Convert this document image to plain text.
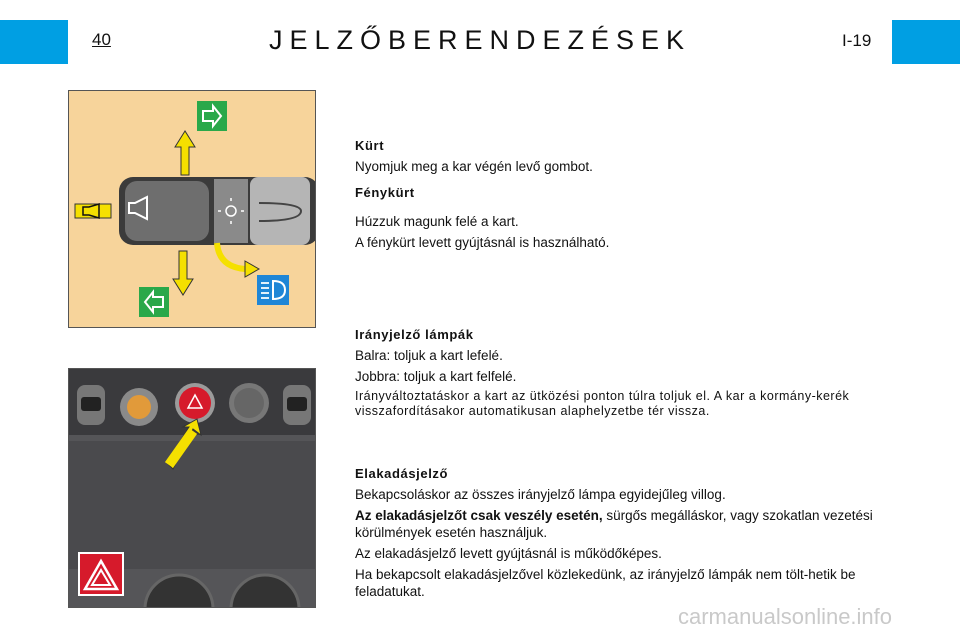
40	JELZŐBERENDEZÉSEK	I-19
Kürt

Nyomjuk meg a kar végén levő gombot.

Fénykürt

Húzzuk magunk felé a kart.

A fénykürt levett gyújtásnál is használható.

Irányjelző lámpák

Balra: toljuk a kart lefelé.

Jobbra: toljuk a kart felfelé.

Irányváltoztatáskor a kart az ütközési ponton túlra toljuk el. A kar a kormány-kerék visszafordításakor automatikusan alaphelyzetbe tér vissza.

Elakadásjelző

Bekapcsoláskor az összes irányjelző lámpa egyidejűleg villog.

Az elakadásjelzőt csak veszély esetén, sürgős megálláskor, vagy szokatlan vezetési körülmények esetén használjuk.

Az elakadásjelző levett gyújtásnál is működőképes.

Ha bekapcsolt elakadásjelzővel közlekedünk, az irányjelző lámpák nem tölt-hetik be feladatukat.

carmanualsonline.info
